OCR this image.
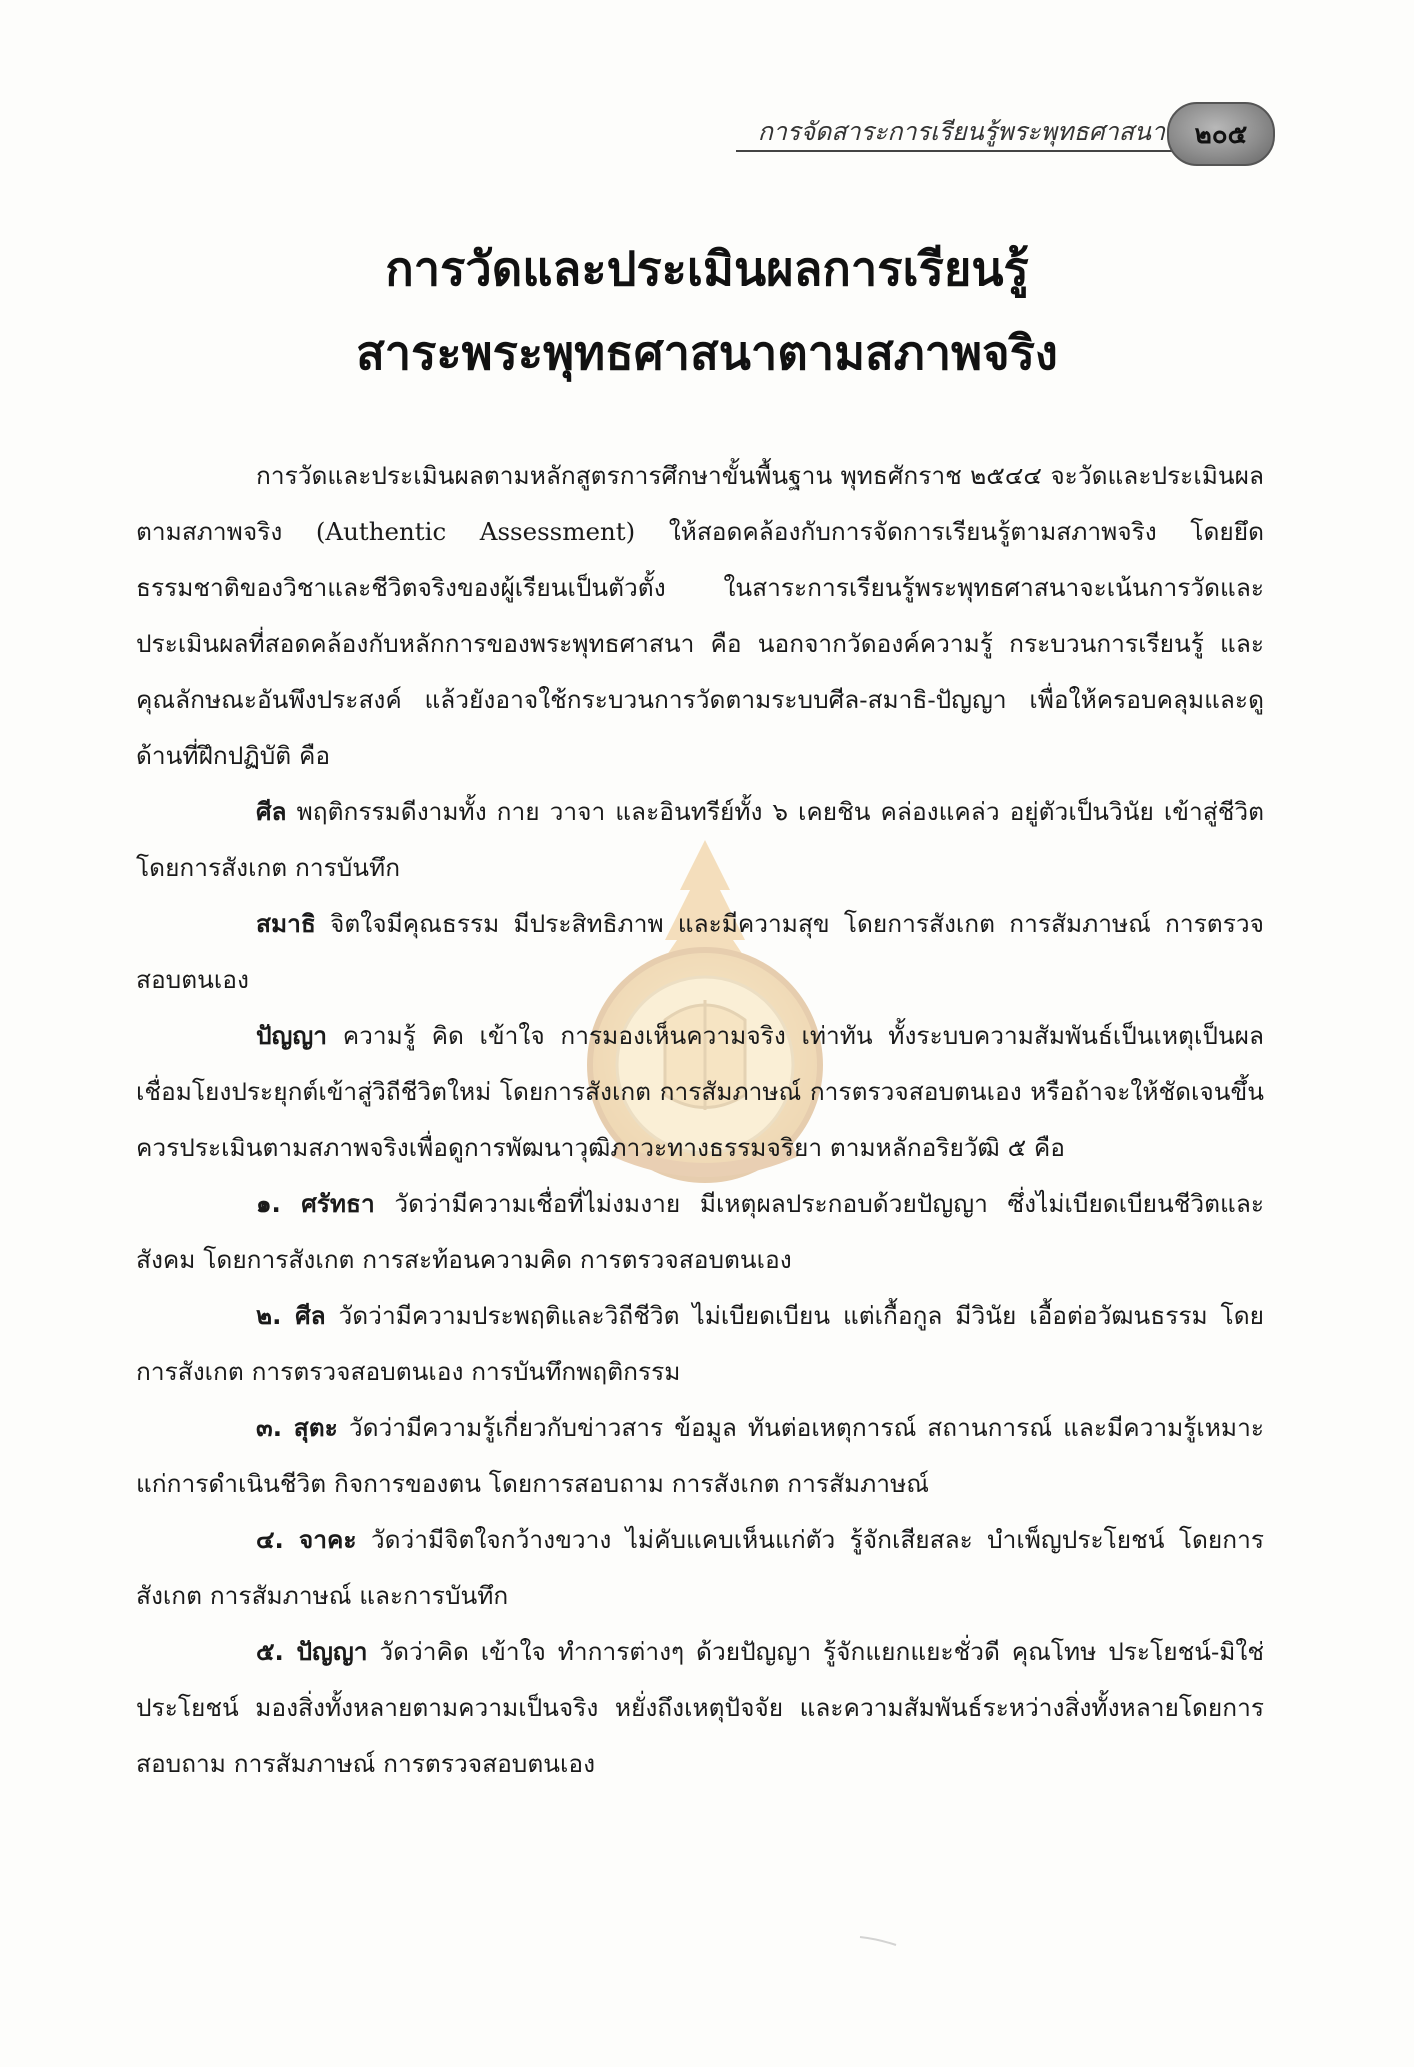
การจัดสาระการเรียนรู้พระพุทธศาสนา	๒๐๕
การวัดและประเมินผลการเรียนรู้
สาระพระพุทธศาสนาตามสภาพจริง

การวัดและประเมินผลตามหลักสูตรการศึกษาขั้นพื้นฐาน พุทธศักราช ๒๕๔๔ จะวัดและประเมินผลตามสภาพจริง (Authentic Assessment) ให้สอดคล้องกับการจัดการเรียนรู้ตามสภาพจริง โดยยึดธรรมชาติของวิชาและชีวิตจริงของผู้เรียนเป็นตัวตั้ง ในสาระการเรียนรู้พระพุทธศาสนาจะเน้นการวัดและประเมินผลที่สอดคล้องกับหลักการของพระพุทธศาสนา คือ นอกจากวัดองค์ความรู้ กระบวนการเรียนรู้ และคุณลักษณะอันพึงประสงค์ แล้วยังอาจใช้กระบวนการวัดตามระบบศีล-สมาธิ-ปัญญา เพื่อให้ครอบคลุมและดูด้านที่ฝึกปฏิบัติ คือ

ศีล พฤติกรรมดีงามทั้ง กาย วาจา และอินทรีย์ทั้ง ๖ เคยชิน คล่องแคล่ว อยู่ตัวเป็นวินัย เข้าสู่ชีวิต โดยการสังเกต การบันทึก

สมาธิ จิตใจมีคุณธรรม มีประสิทธิภาพ และมีความสุข โดยการสังเกต การสัมภาษณ์ การตรวจสอบตนเอง

ปัญญา ความรู้ คิด เข้าใจ การมองเห็นความจริง เท่าทัน ทั้งระบบความสัมพันธ์เป็นเหตุเป็นผลเชื่อมโยงประยุกต์เข้าสู่วิถีชีวิตใหม่ โดยการสังเกต การสัมภาษณ์ การตรวจสอบตนเอง หรือถ้าจะให้ชัดเจนขึ้น ควรประเมินตามสภาพจริงเพื่อดูการพัฒนาวุฒิภาวะทางธรรมจริยา ตามหลักอริยวัฒิ ๕ คือ

๑. ศรัทธา วัดว่ามีความเชื่อที่ไม่งมงาย มีเหตุผลประกอบด้วยปัญญา ซึ่งไม่เบียดเบียนชีวิตและสังคม โดยการสังเกต การสะท้อนความคิด การตรวจสอบตนเอง

๒. ศีล วัดว่ามีความประพฤติและวิถีชีวิต ไม่เบียดเบียน แต่เกื้อกูล มีวินัย เอื้อต่อวัฒนธรรม โดยการสังเกต การตรวจสอบตนเอง การบันทึกพฤติกรรม

๓. สุตะ วัดว่ามีความรู้เกี่ยวกับข่าวสาร ข้อมูล ทันต่อเหตุการณ์ สถานการณ์ และมีความรู้เหมาะแก่การดำเนินชีวิต กิจการของตน โดยการสอบถาม การสังเกต การสัมภาษณ์

๔. จาคะ วัดว่ามีจิตใจกว้างขวาง ไม่คับแคบเห็นแก่ตัว รู้จักเสียสละ บำเพ็ญประโยชน์ โดยการสังเกต การสัมภาษณ์ และการบันทึก

๕. ปัญญา วัดว่าคิด เข้าใจ ทำการต่างๆ ด้วยปัญญา รู้จักแยกแยะชั่วดี คุณโทษ ประโยชน์-มิใช่ประโยชน์ มองสิ่งทั้งหลายตามความเป็นจริง หยั่งถึงเหตุปัจจัย และความสัมพันธ์ระหว่างสิ่งทั้งหลายโดยการสอบถาม การสัมภาษณ์ การตรวจสอบตนเอง
